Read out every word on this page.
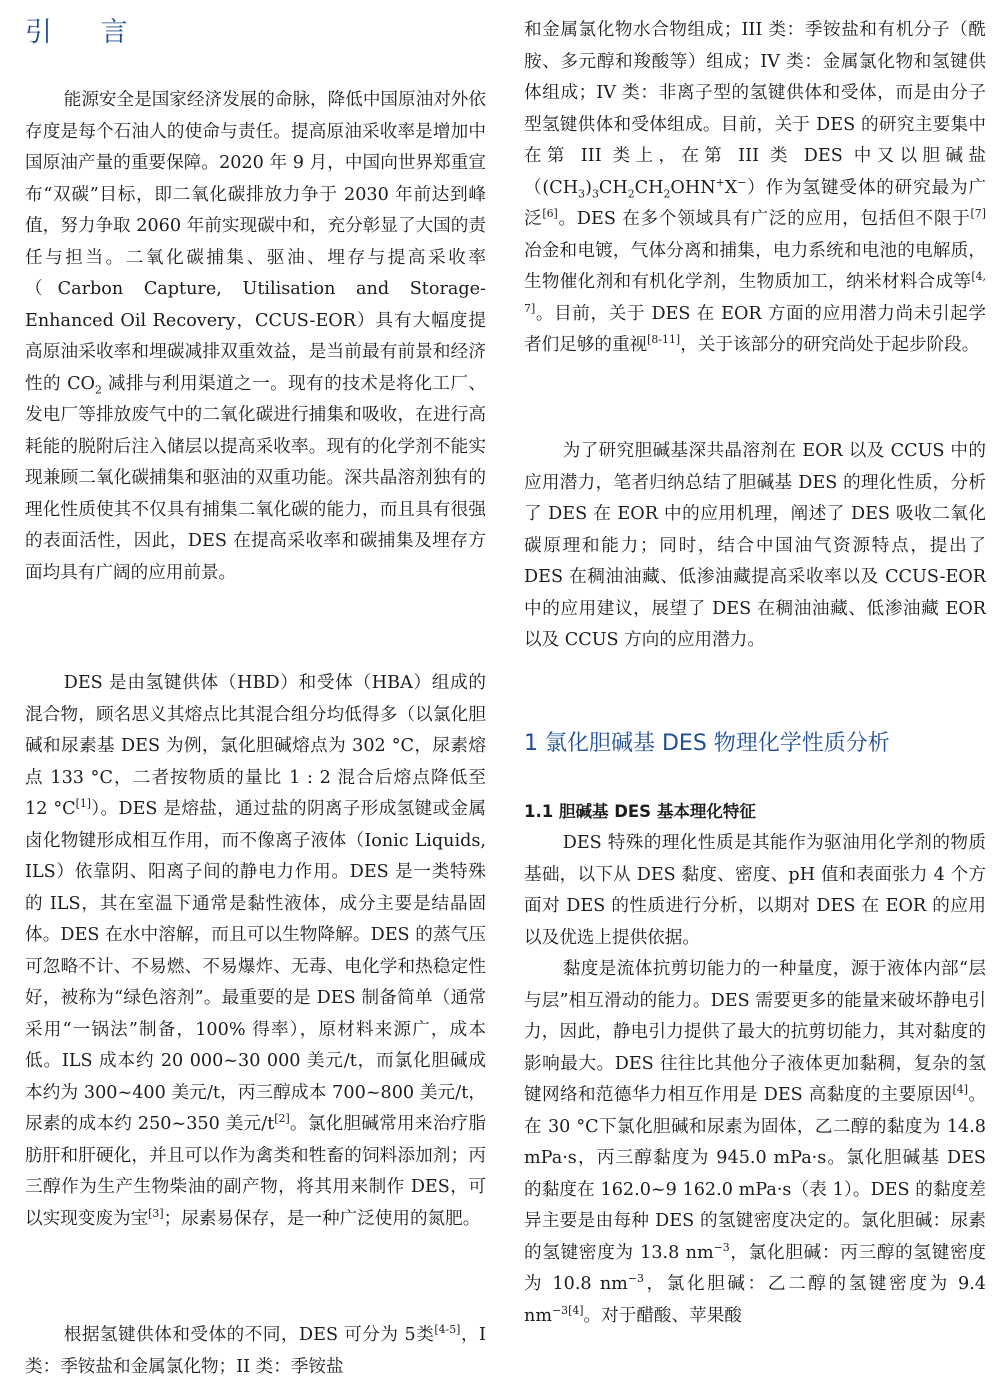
引 言

能源安全是国家经济发展的命脉，降低中国原油对外依存度是每个石油人的使命与责任。提高原油采收率是增加中国原油产量的重要保障。2020 年 9 月，中国向世界郑重宣布“双碳”目标，即二氧化碳排放力争于 2030 年前达到峰值，努力争取 2060 年前实现碳中和，充分彰显了大国的责任与担当。二氧化碳捕集、驱油、埋存与提高采收率（Carbon Capture, Utilisation and Storage-Enhanced Oil Recovery，CCUS-EOR）具有大幅度提高原油采收率和埋碳减排双重效益，是当前最有前景和经济性的 $CO_2$ 减排与利用渠道之一。现有的技术是将化工厂、发电厂等排放废气中的二氧化碳进行捕集和吸收，在进行高耗能的脱附后注入储层以提高采收率。现有的化学剂不能实现兼顾二氧化碳捕集和驱油的双重功能。深共晶溶剂独有的理化性质使其不仅具有捕集二氧化碳的能力，而且具有很强的表面活性，因此，DES 在提高采收率和碳捕集及埋存方面均具有广阔的应用前景。

DES 是由氢键供体（HBD）和受体（HBA）组成的混合物，顾名思义其熔点比其混合组分均低得多（以氯化胆碱和尿素基 DES 为例，氯化胆碱熔点为 302 °C，尿素熔点 133 °C，二者按物质的量比 1 : 2 混合后熔点降低至 12 °C[1]）。DES 是熔盐，通过盐的阴离子形成氢键或金属卤化物键形成相互作用，而不像离子液体（Ionic Liquids, ILS）依靠阴、阳离子间的静电力作用。DES 是一类特殊的 ILS，其在室温下通常是黏性液体，成分主要是结晶固体。DES 在水中溶解，而且可以生物降解。DES 的蒸气压可忽略不计、不易燃、不易爆炸、无毒、电化学和热稳定性好，被称为“绿色溶剂”。最重要的是 DES 制备简单（通常采用“一锅法”制备，100% 得率），原材料来源广，成本低。ILS 成本约 20 000~30 000 美元/t，而氯化胆碱成本约为 300~400 美元/t，丙三醇成本 700~800 美元/t，尿素的成本约 250~350 美元/t[2]。氯化胆碱常用来治疗脂肪肝和肝硬化，并且可以作为禽类和牲畜的饲料添加剂；丙三醇作为生产生物柴油的副产物，将其用来制作 DES，可以实现变废为宝[3]；尿素易保存，是一种广泛使用的氮肥。

根据氢键供体和受体的不同，DES 可分为 5类[4-5]，I 类：季铵盐和金属氯化物；II 类：季铵盐

和金属氯化物水合物组成；III 类：季铵盐和有机分子（酰胺、多元醇和羧酸等）组成；IV 类：金属氯化物和氢键供体组成；IV 类：非离子型的氢键供体和受体，而是由分子型氢键供体和受体组成。目前，关于 DES 的研究主要集中在第 III 类上，在第 III 类 DES 中又以胆碱盐$((CH_3)_3CH_2CH_2OHN^+X^-)$作为氢键受体的研究最为广泛[6]。DES 在多个领域具有广泛的应用，包括但不限于[7] 冶金和电镀，气体分离和捕集，电力系统和电池的电解质，生物催化剂和有机化学剂，生物质加工，纳米材料合成等[4, 7]。目前，关于 DES 在 EOR 方面的应用潜力尚未引起学者们足够的重视[8-11]，关于该部分的研究尚处于起步阶段。

为了研究胆碱基深共晶溶剂在 EOR 以及 CCUS 中的应用潜力，笔者归纳总结了胆碱基 DES 的理化性质，分析了 DES 在 EOR 中的应用机理，阐述了 DES 吸收二氧化碳原理和能力；同时，结合中国油气资源特点，提出了 DES 在稠油油藏、低渗油藏提高采收率以及 CCUS-EOR 中的应用建议，展望了 DES 在稠油油藏、低渗油藏 EOR 以及 CCUS 方向的应用潜力。

1 氯化胆碱基 DES 物理化学性质分析
1.1 胆碱基 DES 基本理化特征

DES 特殊的理化性质是其能作为驱油用化学剂的物质基础，以下从 DES 黏度、密度、pH 值和表面张力 4 个方面对 DES 的性质进行分析，以期对 DES 在 EOR 的应用以及优选上提供依据。

黏度是流体抗剪切能力的一种量度，源于液体内部“层与层”相互滑动的能力。DES 需要更多的能量来破坏静电引力，因此，静电引力提供了最大的抗剪切能力，其对黏度的影响最大。DES 往往比其他分子液体更加黏稠，复杂的氢键网络和范德华力相互作用是 DES 高黏度的主要原因[4]。在 30 °C下氯化胆碱和尿素为固体，乙二醇的黏度为 14.8 mPa·s，丙三醇黏度为 945.0 mPa·s。氯化胆碱基 DES 的黏度在 162.0~9 162.0 mPa·s（表 1）。DES 的黏度差异主要是由每种 DES 的氢键密度决定的。氯化胆碱：尿素的氢键密度为 13.8 $nm^{-3}$，氯化胆碱：丙三醇的氢键密度为 10.8 $nm^{-3}$，氯化胆碱：乙二醇的氢键密度为 9.4 $nm^{-3[4]}$。对于醋酸、苹果酸
